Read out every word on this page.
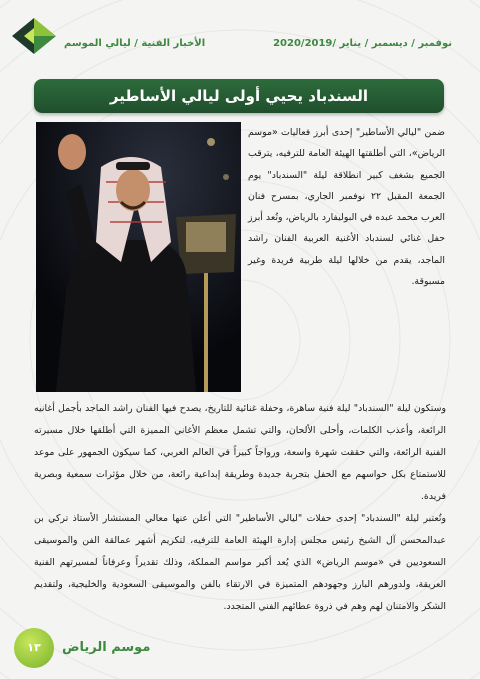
الأخبار الفنية / ليالي الموسم	نوفمبر / ديسمبر / يناير /2020/2019
السندباد يحيي أولى ليالي الأساطير
ضمن "ليالي الأساطير" إحدى أبرز فعاليات «موسم الرياض»، التي أطلقتها الهيئة العامة للترفيه، يترقب الجميع بشغف كبير انطلاقة ليلة "السندباد" يوم الجمعة المقبل ٢٢ نوفمبر الجاري، بمسرح فنان العرب محمد عبده في البوليفارد بالرياض، وتُعد أبرز حفل غنائي لسندباد الأغنية العربية الفنان راشد الماجد، يقدم من خلالها ليلة طربية فريدة وغير مسبوقة.
وستكون ليلة "السندباد" ليلة فنية ساهرة، وحفلة غنائية للتاريخ، يصدح فيها الفنان راشد الماجد بأجمل أغانيه الرائعة، وأعذب الكلمات، وأحلى الألحان، والتي تشمل معظم الأغاني المميزة التي أطلقها خلال مسيرته الفنية الرائعة، والتي حققت شهرة واسعة، ورواجاً كبيراً في العالم العربي، كما سيكون الجمهور على موعد للاستمتاع بكل حواسهم مع الحفل بتجربة جديدة وطريقة إبداعية رائعة، من خلال مؤثرات سمعية وبصرية فريدة.
وتُعتبر ليلة "السندباد" إحدى حفلات "ليالي الأساطير" التي أعلن عنها معالي المستشار الأستاذ تركي بن عبدالمحسن آل الشيخ رئيس مجلس إدارة الهيئة العامة للترفيه، لتكريم أشهر عمالقة الفن والموسيقى السعوديين في «موسم الرياض» الذي يُعد أكبر مواسم المملكة، وذلك تقديراً وعرفاناً لمسيرتهم الفنية العريقة، ولدورهم البارز وجهودهم المتميزة في الارتقاء بالفن والموسيقى السعودية والخليجية، ولتقديم الشكر والامتنان لهم وهم في ذروة عطائهم الفني المتجدد.
١٣	موسم الرياض
